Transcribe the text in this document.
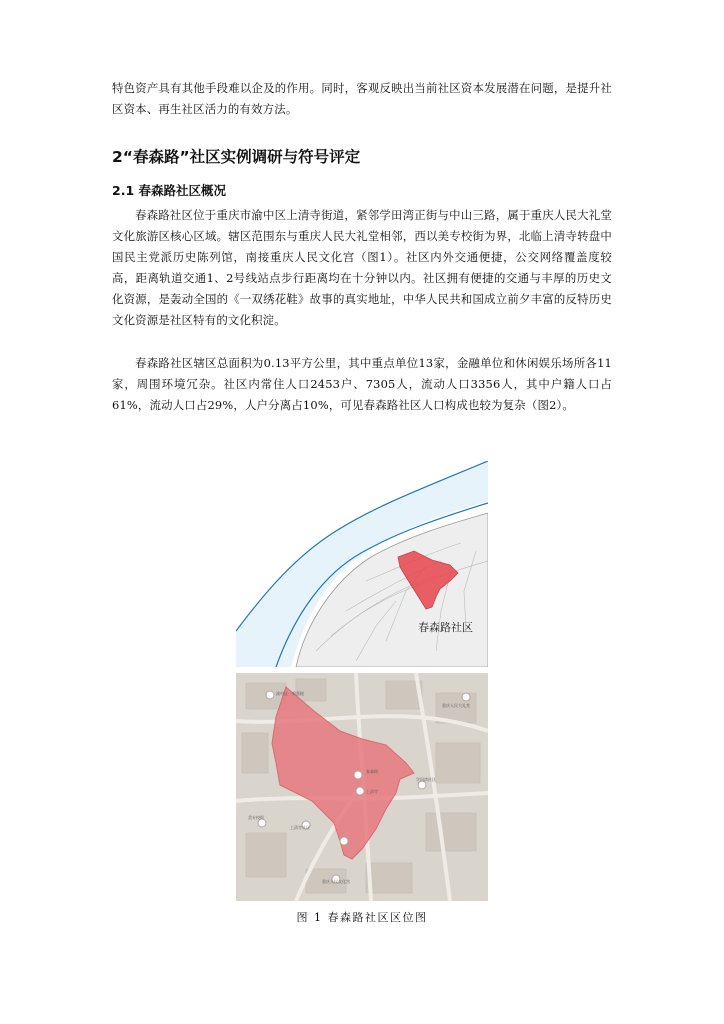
特色资产具有其他手段难以企及的作用。同时，客观反映出当前社区资本发展潜在问题，是提升社区资本、再生社区活力的有效方法。

2“春森路”社区实例调研与符号评定
2.1 春森路社区概况

春森路社区位于重庆市渝中区上清寺街道，紧邻学田湾正街与中山三路，属于重庆人民大礼堂文化旅游区核心区域。辖区范围东与重庆人民大礼堂相邻，西以美专校街为界，北临上清寺转盘中国民主党派历史陈列馆，南接重庆人民文化宫（图1）。社区内外交通便捷，公交网络覆盖度较高，距离轨道交通1、2号线站点步行距离均在十分钟以内。社区拥有便捷的交通与丰厚的历史文化资源，是轰动全国的《一双绣花鞋》故事的真实地址，中华人民共和国成立前夕丰富的反特历史文化资源是社区特有的文化积淀。

春森路社区辖区总面积为0.13平方公里，其中重点单位13家，金融单位和休闲娱乐场所各11家，周围环境冗杂。社区内常住人口2453户、7305人，流动人口3356人，其中户籍人口占61%，流动人口占29%，人户分离占10%，可见春森路社区人口构成也较为复杂（图2）。

春森路社区
渝中区一鸡蛋糕
重庆人民大礼堂
学田湾社区
美专校街
上清寺社区
重庆人民文化宫
春森路
上清寺
图 1 春森路社区区位图
